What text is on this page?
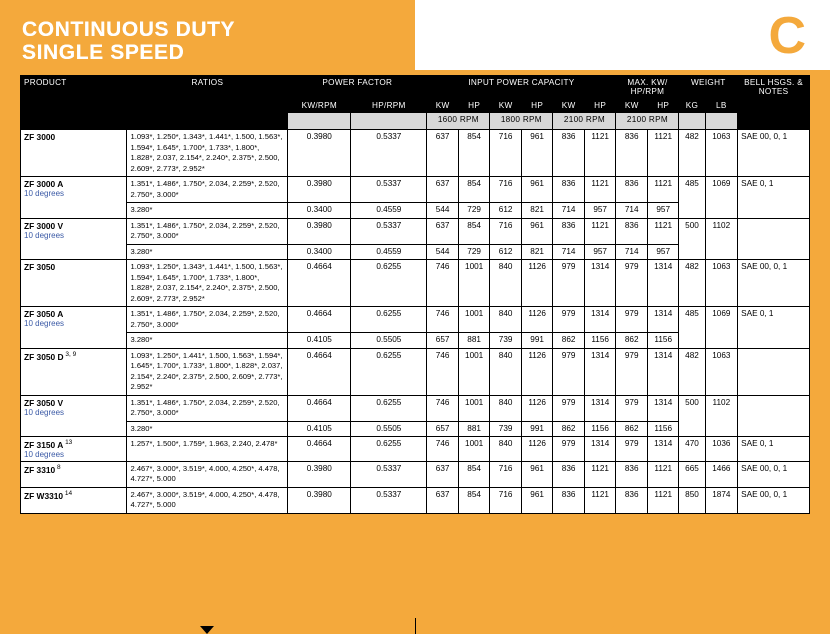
CONTINUOUS DUTY
SINGLE SPEED	C
PRODUCT	RATIOS	POWER FACTOR		INPUT POWER CAPACITY						MAX. KW/ HP/RPM		WEIGHT		BELL HSGS. & NOTES
		KW/RPM	HP/RPM	KW	HP	KW	HP	KW	HP	KW	HP	KG	LB	
				1600 RPM		1800 RPM		2100 RPM		2100 RPM				
ZF 3000	1.093*, 1.250*, 1.343*, 1.441*, 1.500, 1.563*, 1.594*, 1.645*, 1.700*, 1.733*, 1.800*, 1.828*, 2.037, 2.154*, 2.240*, 2.375*, 2.500, 2.609*, 2.773*, 2.952*	0.3980	0.5337	637	854	716	961	836	1121	836	1121	482	1063	SAE 00, 0, 1
ZF 3000 A
10 degrees	1.351*, 1.486*, 1.750*, 2.034, 2.259*, 2.520, 2.750*, 3.000*	0.3980	0.5337	637	854	716	961	836	1121	836	1121	485	1069	SAE 0, 1
	3.280*	0.3400	0.4559	544	729	612	821	714	957	714	957			
ZF 3000 V
10 degrees	1.351*, 1.486*, 1.750*, 2.034, 2.259*, 2.520, 2.750*, 3.000*	0.3980	0.5337	637	854	716	961	836	1121	836	1121	500	1102	
	3.280*	0.3400	0.4559	544	729	612	821	714	957	714	957			
ZF 3050	1.093*, 1.250*, 1.343*, 1.441*, 1.500, 1.563*, 1.594*, 1.645*, 1.700*, 1.733*, 1.800*, 1.828*, 2.037, 2.154*, 2.240*, 2.375*, 2.500, 2.609*, 2.773*, 2.952*	0.4664	0.6255	746	1001	840	1126	979	1314	979	1314	482	1063	SAE 00, 0, 1
ZF 3050 A
10 degrees	1.351*, 1.486*, 1.750*, 2.034, 2.259*, 2.520, 2.750*, 3.000*	0.4664	0.6255	746	1001	840	1126	979	1314	979	1314	485	1069	SAE 0, 1
	3.280*	0.4105	0.5505	657	881	739	991	862	1156	862	1156			
ZF 3050 D $^{3, 9}$	1.093*, 1.250*, 1.441*, 1.500, 1.563*, 1.594*, 1.645*, 1.700*, 1.733*, 1.800*, 1.828*, 2.037, 2.154*, 2.240*, 2.375*, 2.500, 2.609*, 2.773*, 2.952*	0.4664	0.6255	746	1001	840	1126	979	1314	979	1314	482	1063	
ZF 3050 V
10 degrees	1.351*, 1.486*, 1.750*, 2.034, 2.259*, 2.520, 2.750*, 3.000*	0.4664	0.6255	746	1001	840	1126	979	1314	979	1314	500	1102	
	3.280*	0.4105	0.5505	657	881	739	991	862	1156	862	1156			
ZF 3150 A $^{13}$
10 degrees	1.257*, 1.500*, 1.759*, 1.963, 2.240, 2.478*	0.4664	0.6255	746	1001	840	1126	979	1314	979	1314	470	1036	SAE 0, 1
ZF 3310 $^8$	2.467*, 3.000*, 3.519*, 4.000, 4.250*, 4.478, 4.727*, 5.000	0.3980	0.5337	637	854	716	961	836	1121	836	1121	665	1466	SAE 00, 0, 1
ZF W3310 $^{14}$	2.467*, 3.000*, 3.519*, 4.000, 4.250*, 4.478, 4.727*, 5.000	0.3980	0.5337	637	854	716	961	836	1121	836	1121	850	1874	SAE 00, 0, 1
